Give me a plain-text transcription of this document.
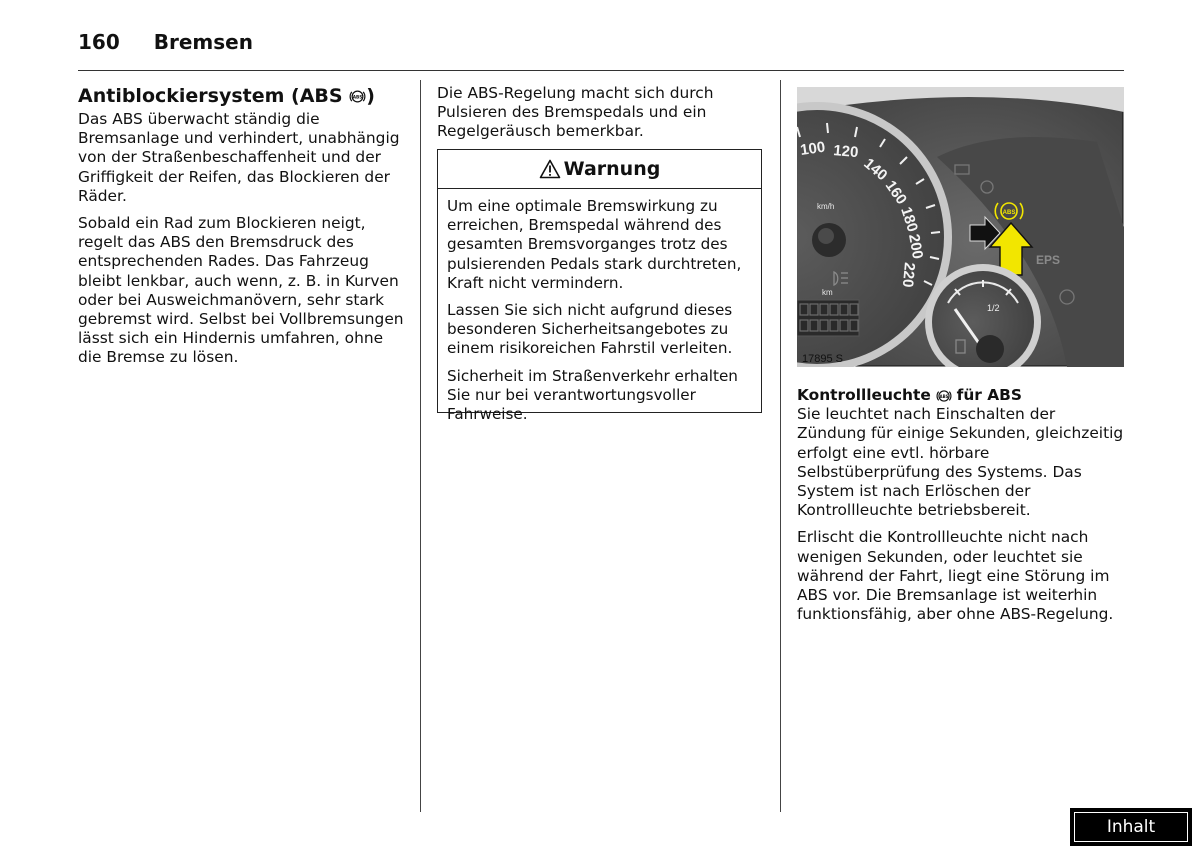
160 Bremsen
Antiblockiersystem (ABS ABS )

Das ABS überwacht ständig die Bremsanlage und verhindert, unabhängig von der Straßenbeschaffenheit und der Griffigkeit der Reifen, das Blockieren der Räder.

Sobald ein Rad zum Blockieren neigt, regelt das ABS den Bremsdruck des entsprechenden Rades. Das Fahrzeug bleibt lenkbar, auch wenn, z. B. in Kurven oder bei Ausweichmanövern, sehr stark gebremst wird. Selbst bei Vollbremsungen lässt sich ein Hindernis umfahren, ohne die Bremse zu lösen.

Die ABS-Regelung macht sich durch Pulsieren des Bremspedals und ein Regelgeräusch bemerkbar.

Warnung

Um eine optimale Bremswirkung zu erreichen, Bremspedal während des gesamten Bremsvorganges trotz des pulsierenden Pedals stark durchtreten, Kraft nicht vermindern.

Lassen Sie sich nicht aufgrund dieses besonderen Sicherheitsangebotes zu einem risikoreichen Fahrstil verleiten.

Sicherheit im Straßenverkehr erhalten Sie nur bei verantwortungsvoller Fahrweise.

100 120
140
160
180
200
220
km/h
km
ABS
EPS
1/2
17895 S

Kontrollleuchte ABS für ABS

Sie leuchtet nach Einschalten der Zündung für einige Sekunden, gleichzeitig erfolgt eine evtl. hörbare Selbstüberprüfung des Systems. Das System ist nach Erlöschen der Kontrollleuchte betriebsbereit.

Erlischt die Kontrollleuchte nicht nach wenigen Sekunden, oder leuchtet sie während der Fahrt, liegt eine Störung im ABS vor. Die Bremsanlage ist weiterhin funktionsfähig, aber ohne ABS-Regelung.

Inhalt
